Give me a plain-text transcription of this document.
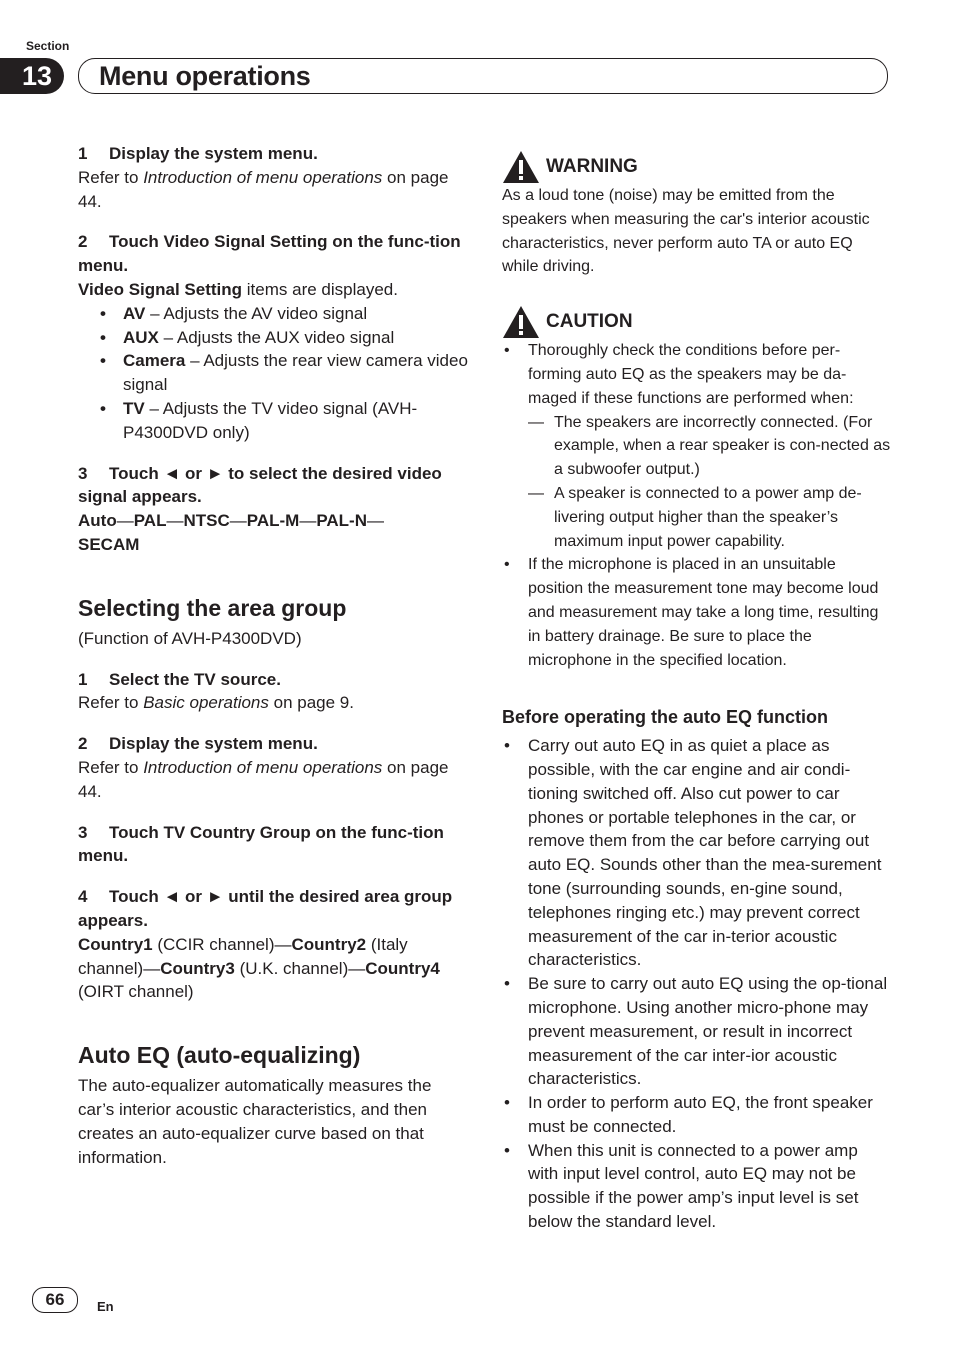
Section
13	Menu operations
1 Display the system menu.

Refer to Introduction of menu operations on page 44.

2 Touch Video Signal Setting on the func-tion menu.

Video Signal Setting items are displayed.

• AV – Adjusts the AV video signal
• AUX – Adjusts the AUX video signal
• Camera – Adjusts the rear view camera video signal
• TV – Adjusts the TV video signal (AVH-P4300DVD only)
3 Touch ◄ or ► to select the desired video signal appears.

Auto—PAL—NTSC—PAL-M—PAL-N—
SECAM

Selecting the area group

(Function of AVH-P4300DVD)

1 Select the TV source.

Refer to Basic operations on page 9.

2 Display the system menu.

Refer to Introduction of menu operations on page 44.

3 Touch TV Country Group on the func-tion menu.
4 Touch ◄ or ► until the desired area group appears.

Country1 (CCIR channel)—Country2 (Italy channel)—Country3 (U.K. channel)—Country4 (OIRT channel)

Auto EQ (auto-equalizing)

The auto-equalizer automatically measures the car’s interior acoustic characteristics, and then creates an auto-equalizer curve based on that information.

WARNING

As a loud tone (noise) may be emitted from the speakers when measuring the car's interior acoustic characteristics, never perform auto TA or auto EQ while driving.

CAUTION
• Thoroughly check the conditions before per-forming auto EQ as the speakers may be da-maged if these functions are performed when:
— The speakers are incorrectly connected. (For example, when a rear speaker is con-nected as a subwoofer output.)
— A speaker is connected to a power amp de-livering output higher than the speaker’s maximum input power capability.
• If the microphone is placed in an unsuitable position the measurement tone may become loud and measurement may take a long time, resulting in battery drainage. Be sure to place the microphone in the specified location.
Before operating the auto EQ function
• Carry out auto EQ in as quiet a place as possible, with the car engine and air condi-tioning switched off. Also cut power to car phones or portable telephones in the car, or remove them from the car before carrying out auto EQ. Sounds other than the mea-surement tone (surrounding sounds, en-gine sound, telephones ringing etc.) may prevent correct measurement of the car in-terior acoustic characteristics.
• Be sure to carry out auto EQ using the op-tional microphone. Using another micro-phone may prevent measurement, or result in incorrect measurement of the car inter-ior acoustic characteristics.
• In order to perform auto EQ, the front speaker must be connected.
• When this unit is connected to a power amp with input level control, auto EQ may not be possible if the power amp’s input level is set below the standard level.
66	En
